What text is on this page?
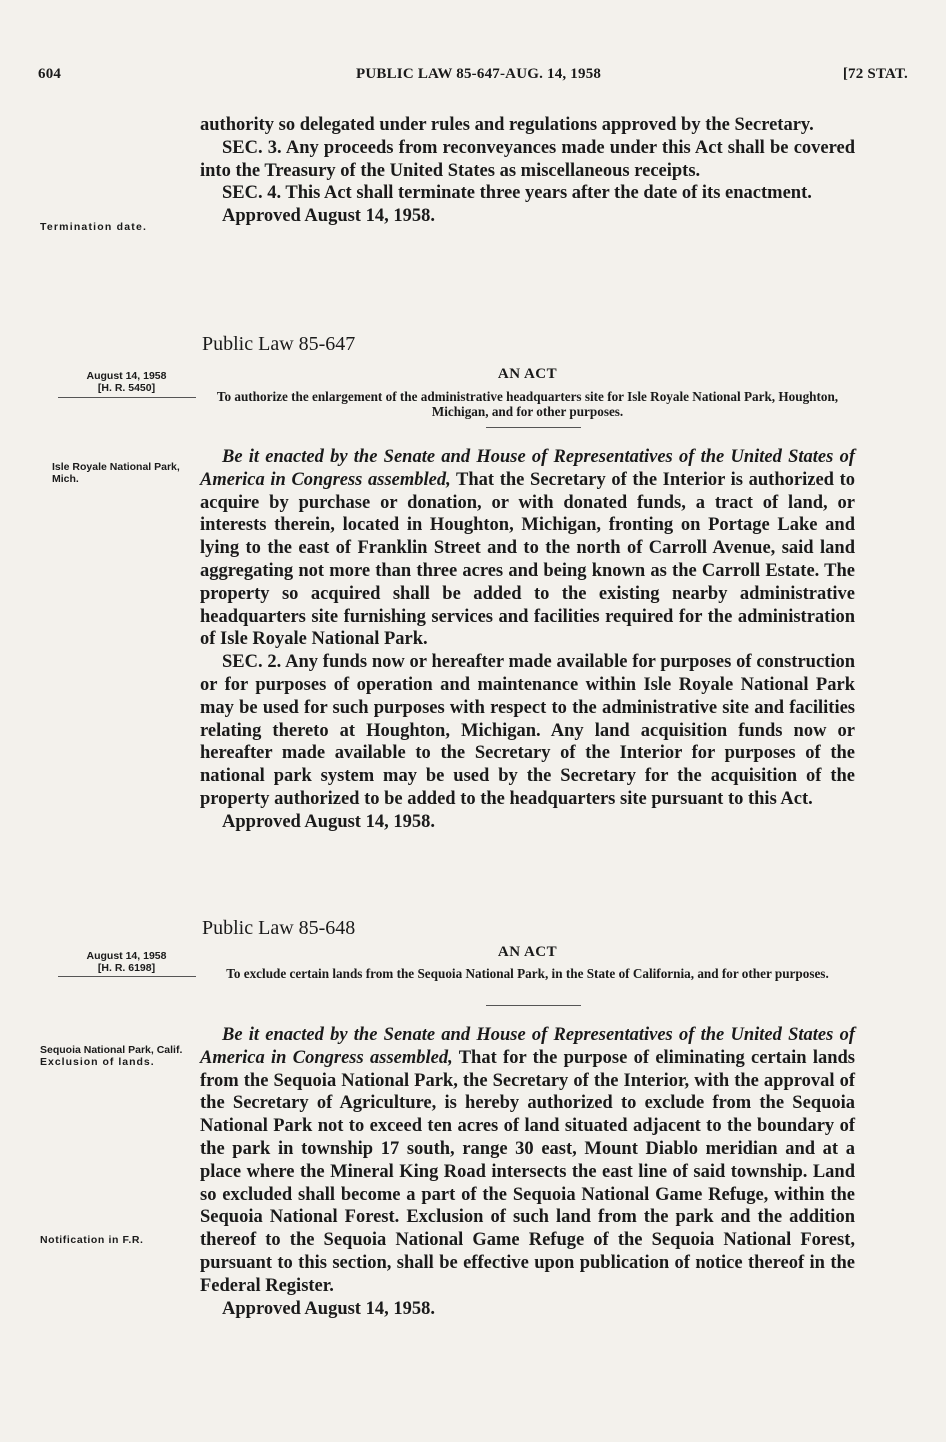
604	PUBLIC LAW 85-647-AUG. 14, 1958	[72 STAT.

authority so delegated under rules and regulations approved by the Secretary.

SEC. 3. Any proceeds from reconveyances made under this Act shall be covered into the Treasury of the United States as miscellaneous receipts.

SEC. 4. This Act shall terminate three years after the date of its enactment.

Approved August 14, 1958.

Termination date.
Public Law 85-647
August 14, 1958
[H. R. 5450]
AN ACT
To authorize the enlargement of the administrative headquarters site for Isle Royale National Park, Houghton, Michigan, and for other purposes.
Isle Royale National Park, Mich.

Be it enacted by the Senate and House of Representatives of the United States of America in Congress assembled, That the Secretary of the Interior is authorized to acquire by purchase or donation, or with donated funds, a tract of land, or interests therein, located in Houghton, Michigan, fronting on Portage Lake and lying to the east of Franklin Street and to the north of Carroll Avenue, said land aggregating not more than three acres and being known as the Carroll Estate. The property so acquired shall be added to the existing nearby administrative headquarters site furnishing services and facilities required for the administration of Isle Royale National Park.

SEC. 2. Any funds now or hereafter made available for purposes of construction or for purposes of operation and maintenance within Isle Royale National Park may be used for such purposes with respect to the administrative site and facilities relating thereto at Houghton, Michigan. Any land acquisition funds now or hereafter made available to the Secretary of the Interior for purposes of the national park system may be used by the Secretary for the acquisition of the property authorized to be added to the headquarters site pursuant to this Act.

Approved August 14, 1958.

Public Law 85-648
August 14, 1958
[H. R. 6198]
AN ACT
To exclude certain lands from the Sequoia National Park, in the State of California, and for other purposes.
Sequoia National Park, Calif.
Exclusion of lands.
Notification in F.R.

Be it enacted by the Senate and House of Representatives of the United States of America in Congress assembled, That for the purpose of eliminating certain lands from the Sequoia National Park, the Secretary of the Interior, with the approval of the Secretary of Agriculture, is hereby authorized to exclude from the Sequoia National Park not to exceed ten acres of land situated adjacent to the boundary of the park in township 17 south, range 30 east, Mount Diablo meridian and at a place where the Mineral King Road intersects the east line of said township. Land so excluded shall become a part of the Sequoia National Game Refuge, within the Sequoia National Forest. Exclusion of such land from the park and the addition thereof to the Sequoia National Game Refuge of the Sequoia National Forest, pursuant to this section, shall be effective upon publication of notice thereof in the Federal Register.

Approved August 14, 1958.
